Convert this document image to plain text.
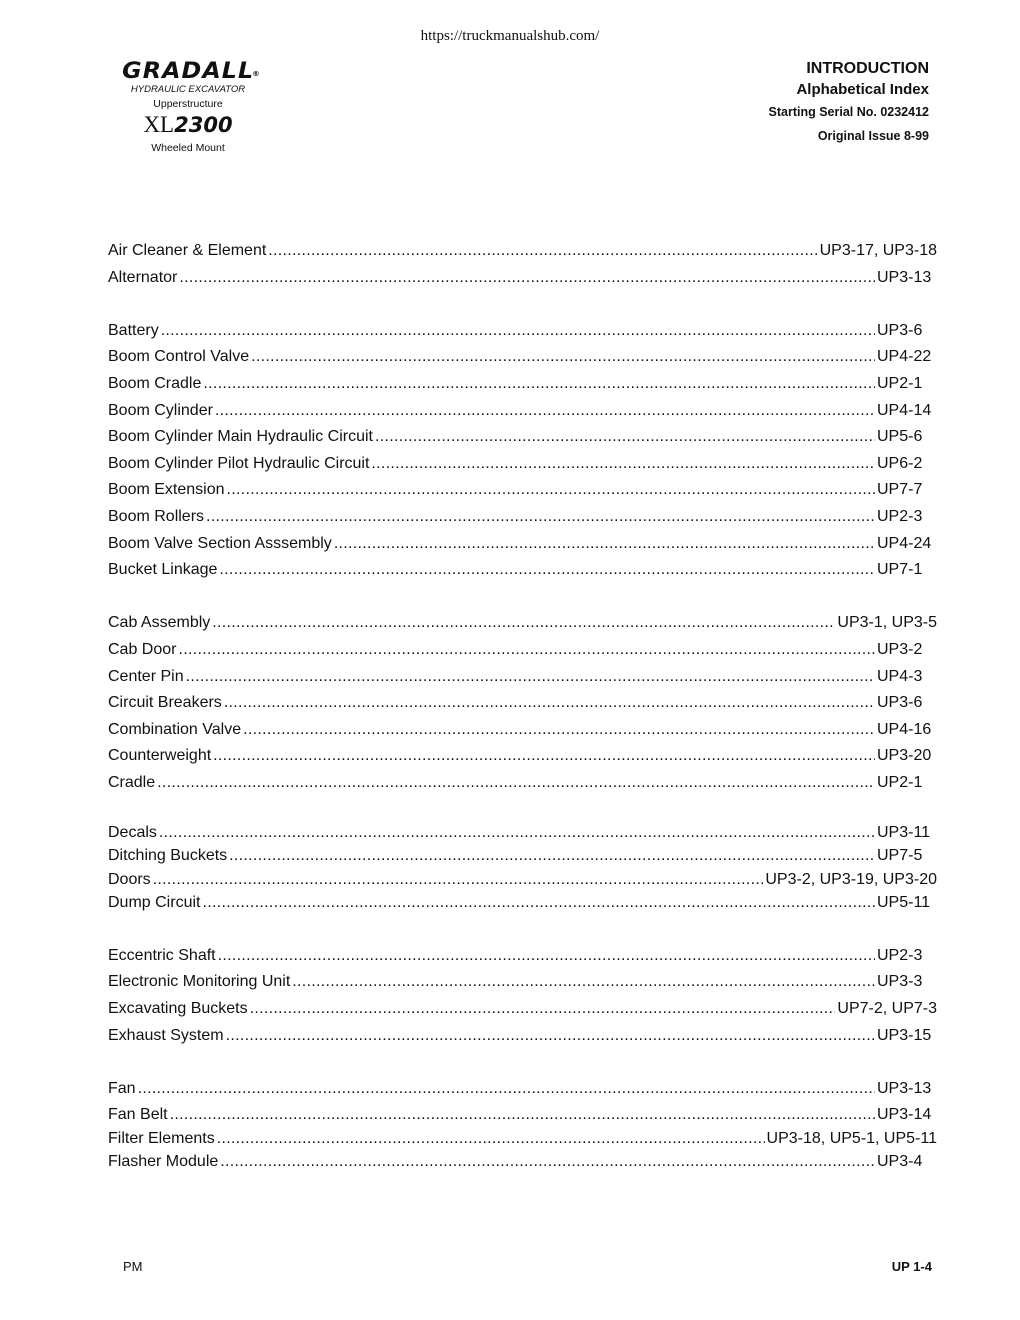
https://truckmanualshub.com/
GRADALL
®
HYDRAULIC EXCAVATOR
Upperstructure
XL2300
Wheeled Mount
INTRODUCTION
Alphabetical Index
Starting Serial No. 0232412
Original Issue 8-99
Air Cleaner & Element .....	UP3-17, UP3-18
Alternator .....	UP3-13
Battery .....	UP3-6
Boom Control Valve .....	UP4-22
Boom Cradle .....	UP2-1
Boom Cylinder .....	UP4-14
Boom Cylinder Main Hydraulic Circuit .....	UP5-6
Boom Cylinder Pilot Hydraulic Circuit .....	UP6-2
Boom Extension .....	UP7-7
Boom Rollers .....	UP2-3
Boom Valve Section Asssembly .....	UP4-24
Bucket Linkage .....	UP7-1
Cab Assembly .....	UP3-1, UP3-5
Cab Door .....	UP3-2
Center Pin .....	UP4-3
Circuit Breakers .....	UP3-6
Combination Valve .....	UP4-16
Counterweight .....	UP3-20
Cradle .....	UP2-1
Decals .....	UP3-11
Ditching Buckets .....	UP7-5
Doors .....	UP3-2, UP3-19, UP3-20
Dump Circuit .....	UP5-11
Eccentric Shaft .....	UP2-3
Electronic Monitoring Unit .....	UP3-3
Excavating Buckets .....	UP7-2, UP7-3
Exhaust System .....	UP3-15
Fan .....	UP3-13
Fan Belt .....	UP3-14
Filter Elements .....	UP3-18, UP5-1, UP5-11
Flasher Module .....	UP3-4
PM	UP 1-4
